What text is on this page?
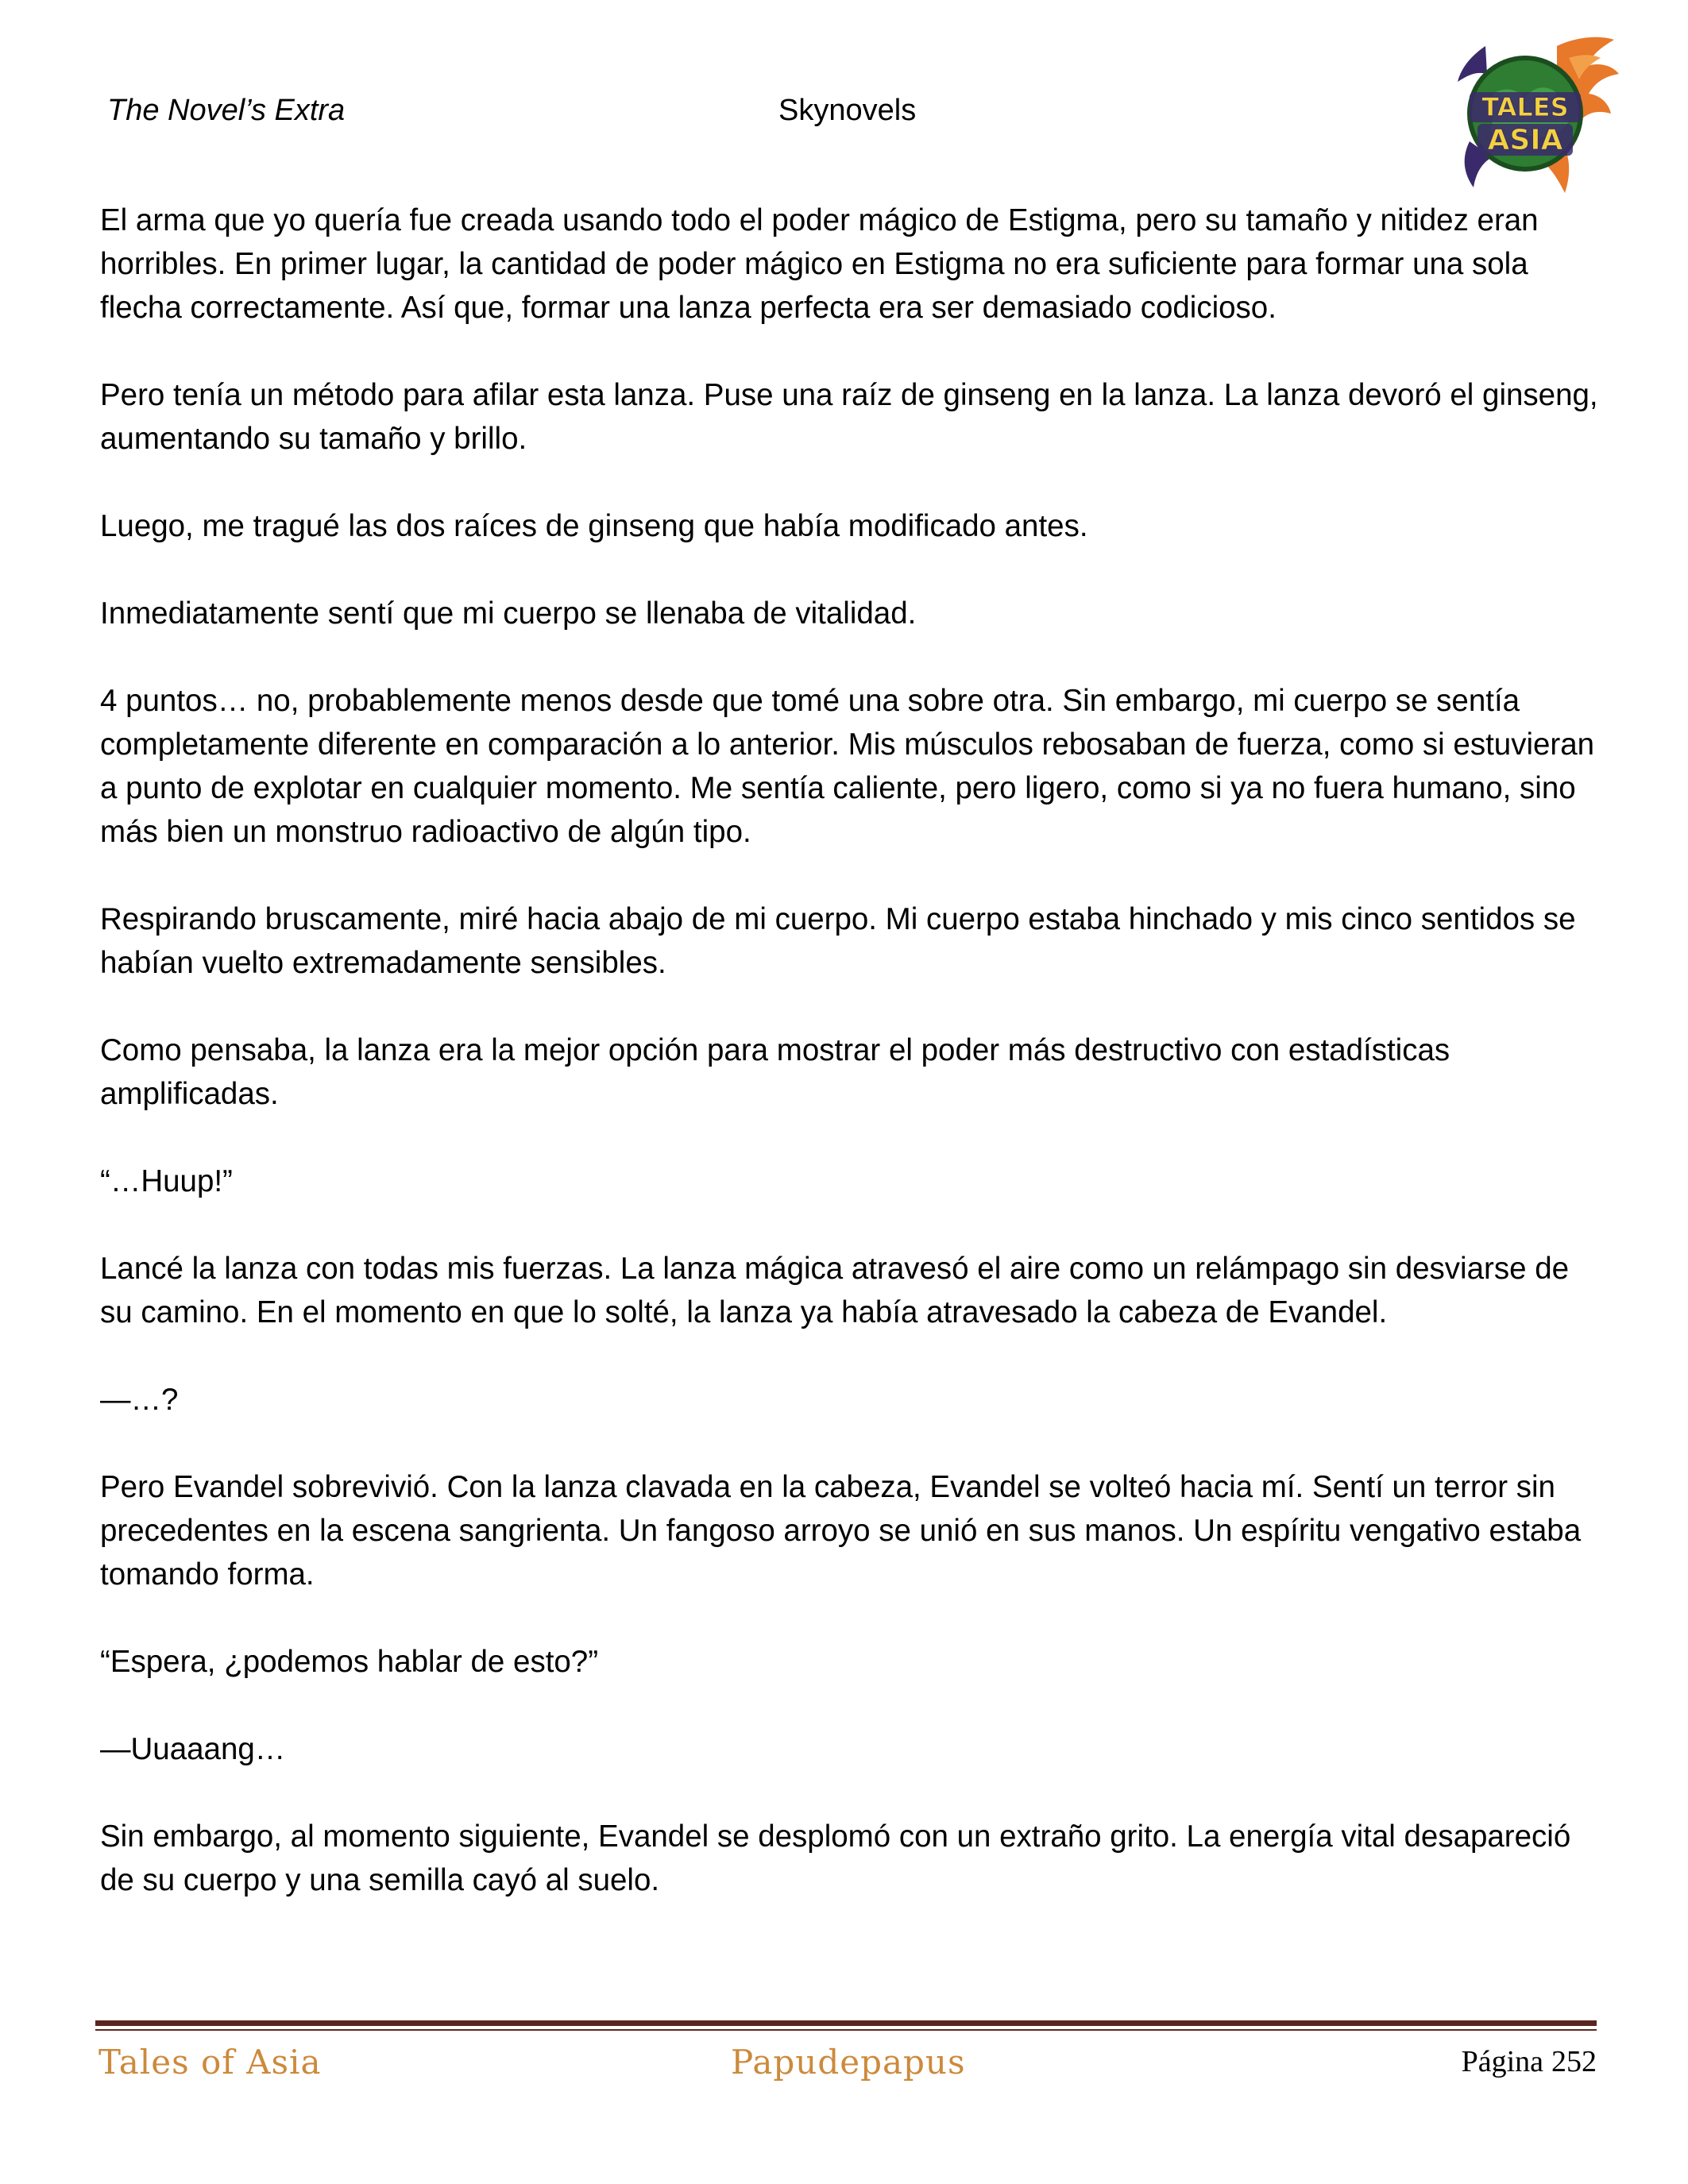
The Novel’s Extra	Skynovels	TALES
ASIA

El arma que yo quería fue creada usando todo el poder mágico de Estigma, pero su tamaño y nitidez eran horribles. En primer lugar, la cantidad de poder mágico en Estigma no era suficiente para formar una sola flecha correctamente. Así que, formar una lanza perfecta era ser demasiado codicioso.

Pero tenía un método para afilar esta lanza. Puse una raíz de ginseng en la lanza. La lanza devoró el ginseng, aumentando su tamaño y brillo.

Luego, me tragué las dos raíces de ginseng que había modificado antes.

Inmediatamente sentí que mi cuerpo se llenaba de vitalidad.

4 puntos… no, probablemente menos desde que tomé una sobre otra. Sin embargo, mi cuerpo se sentía completamente diferente en comparación a lo anterior. Mis músculos rebosaban de fuerza, como si estuvieran a punto de explotar en cualquier momento. Me sentía caliente, pero ligero, como si ya no fuera humano, sino más bien un monstruo radioactivo de algún tipo.

Respirando bruscamente, miré hacia abajo de mi cuerpo. Mi cuerpo estaba hinchado y mis cinco sentidos se habían vuelto extremadamente sensibles.

Como pensaba, la lanza era la mejor opción para mostrar el poder más destructivo con estadísticas amplificadas.

“…Huup!”

Lancé la lanza con todas mis fuerzas. La lanza mágica atravesó el aire como un relámpago sin desviarse de su camino. En el momento en que lo solté, la lanza ya había atravesado la cabeza de Evandel.

—…?

Pero Evandel sobrevivió. Con la lanza clavada en la cabeza, Evandel se volteó hacia mí. Sentí un terror sin precedentes en la escena sangrienta. Un fangoso arroyo se unió en sus manos. Un espíritu vengativo estaba tomando forma.

“Espera, ¿podemos hablar de esto?”

—Uuaaang…

Sin embargo, al momento siguiente, Evandel se desplomó con un extraño grito. La energía vital desapareció de su cuerpo y una semilla cayó al suelo.

Tales of Asia	Papudepapus	Página 252
